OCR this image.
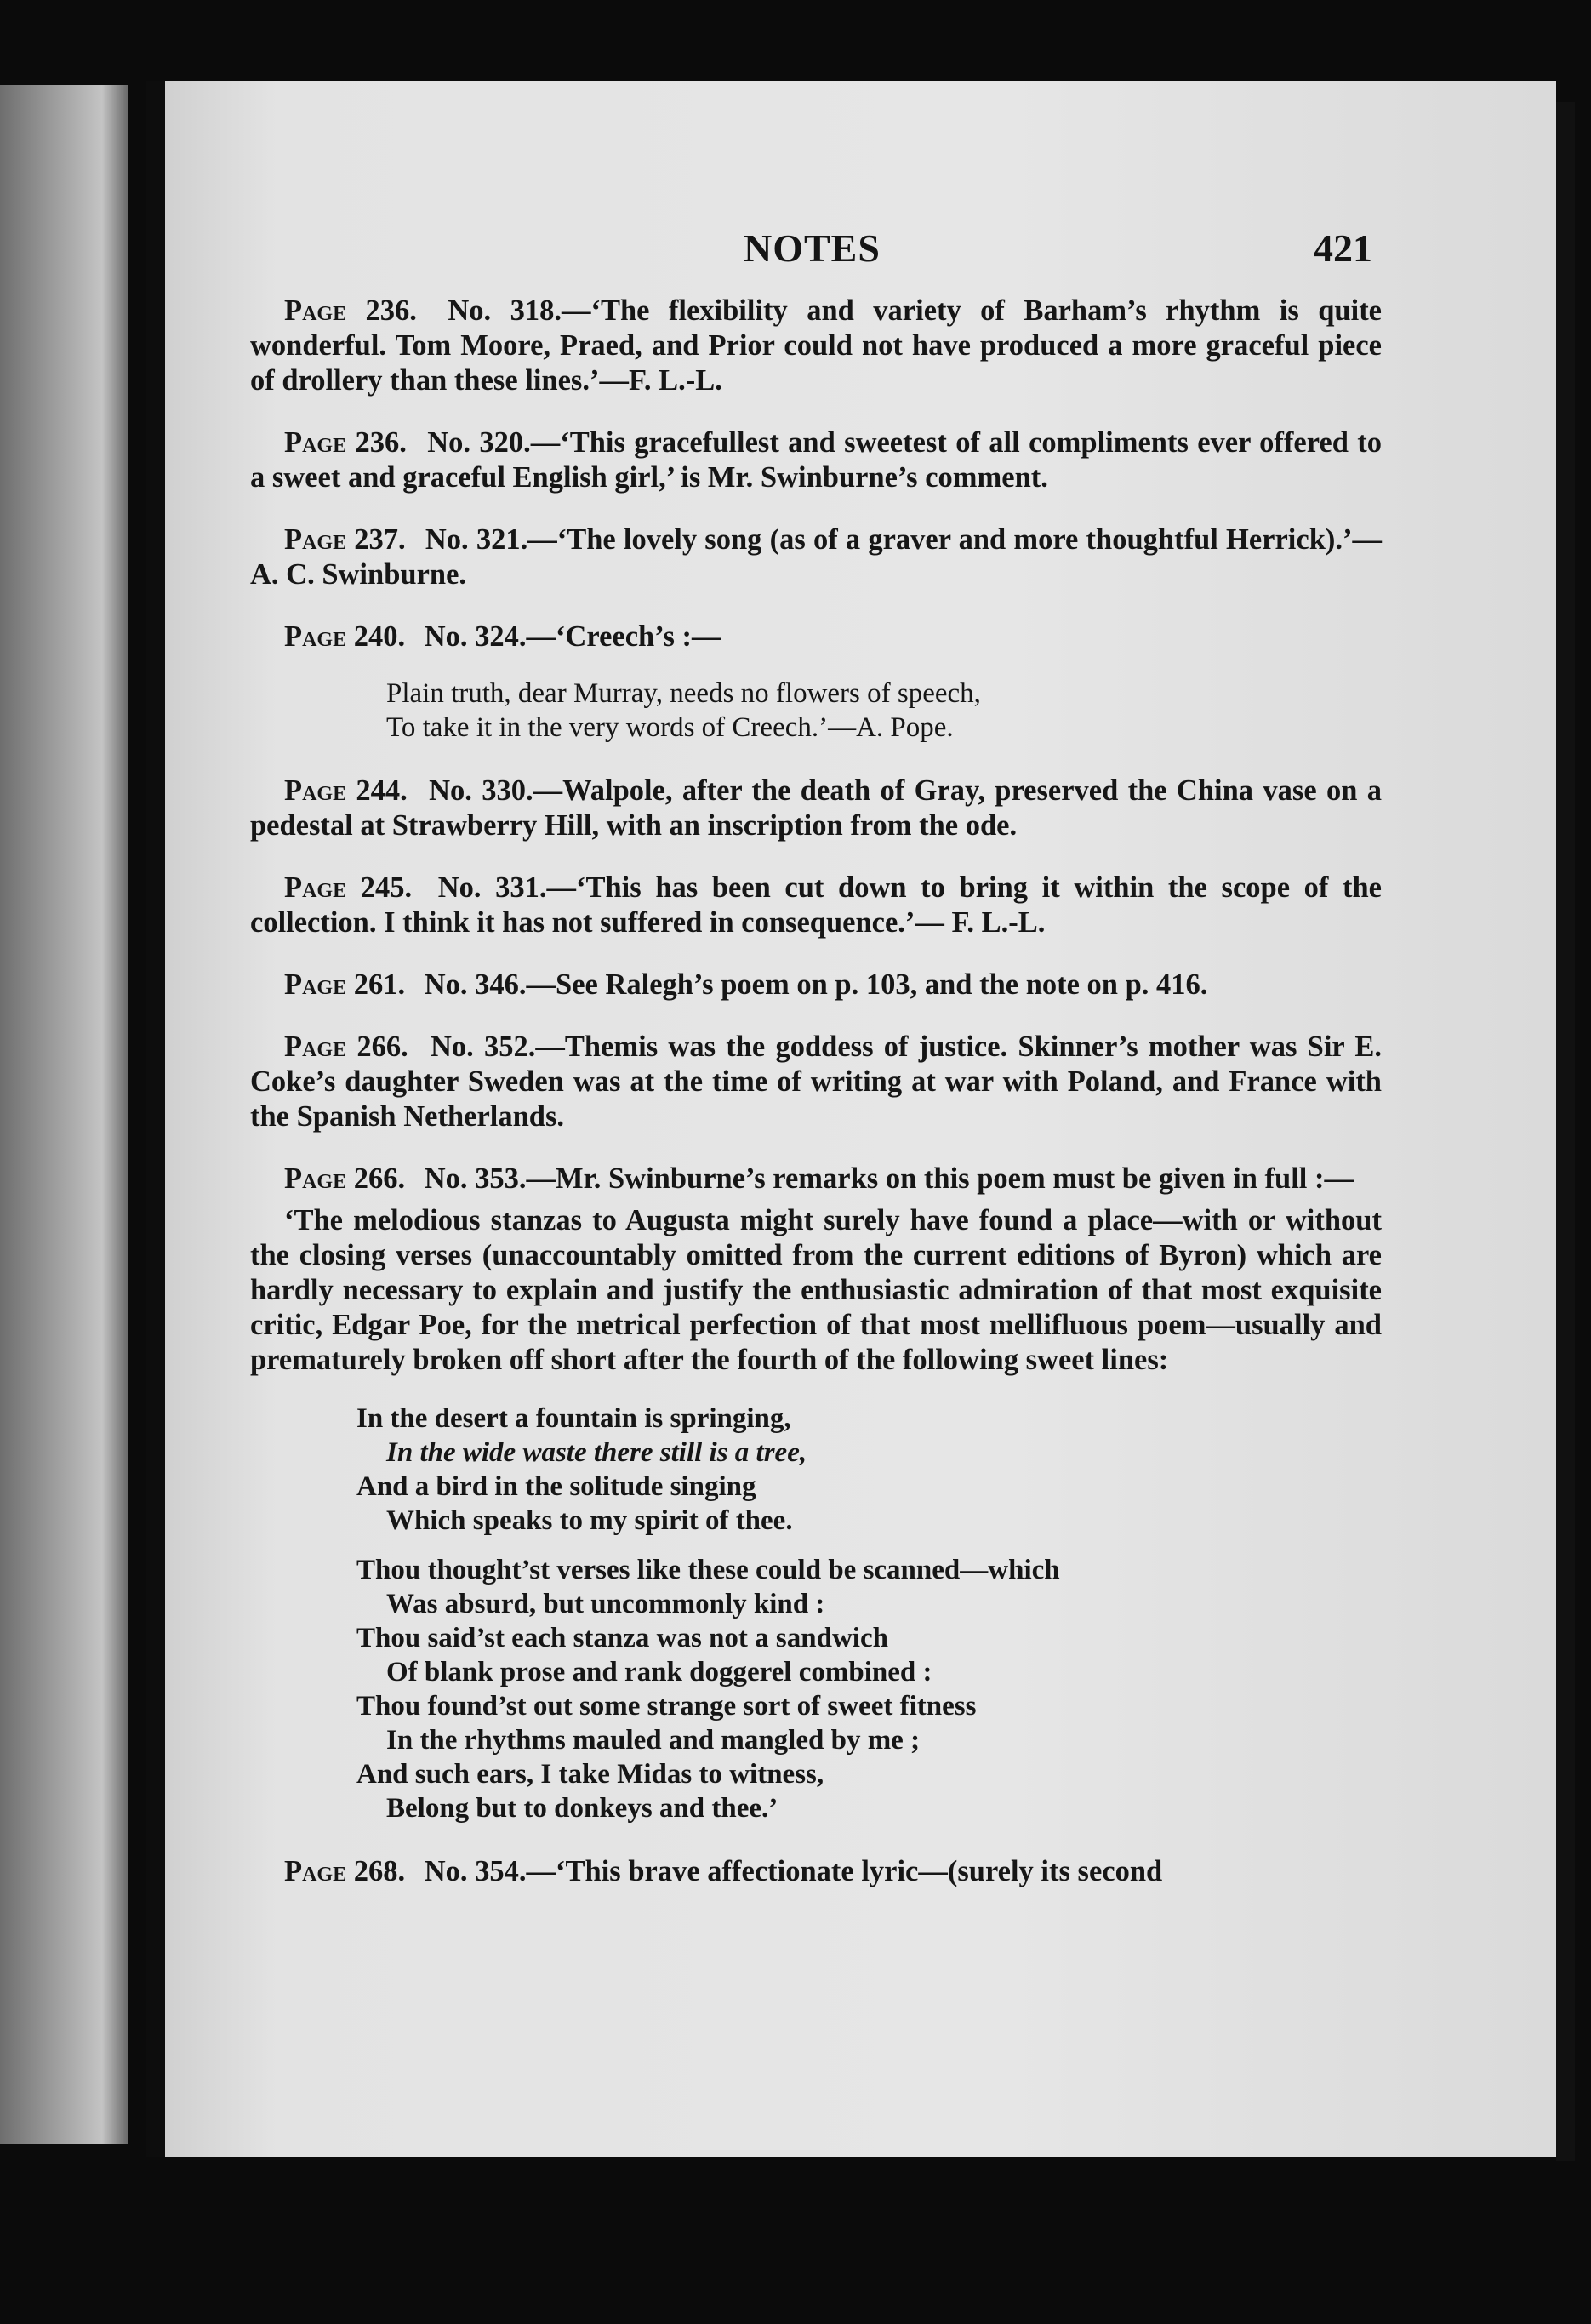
NOTES	421

Page 236. No. 318.—‘The flexibility and variety of Barham’s rhythm is quite wonderful. Tom Moore, Praed, and Prior could not have produced a more graceful piece of drollery than these lines.’—F. L.-L.

Page 236. No. 320.—‘This gracefullest and sweetest of all compliments ever offered to a sweet and graceful English girl,’ is Mr. Swinburne’s comment.

Page 237. No. 321.—‘The lovely song (as of a graver and more thoughtful Herrick).’—A. C. Swinburne.

Page 240. No. 324.—‘Creech’s :—

Plain truth, dear Murray, needs no flowers of speech,
To take it in the very words of Creech.’—A. Pope.

Page 244. No. 330.—Walpole, after the death of Gray, preserved the China vase on a pedestal at Strawberry Hill, with an inscription from the ode.

Page 245. No. 331.—‘This has been cut down to bring it within the scope of the collection. I think it has not suffered in consequence.’— F. L.-L.

Page 261. No. 346.—See Ralegh’s poem on p. 103, and the note on p. 416.

Page 266. No. 352.—Themis was the goddess of justice. Skinner’s mother was Sir E. Coke’s daughter Sweden was at the time of writing at war with Poland, and France with the Spanish Netherlands.

Page 266. No. 353.—Mr. Swinburne’s remarks on this poem must be given in full :—

‘The melodious stanzas to Augusta might surely have found a place—with or without the closing verses (unaccountably omitted from the current editions of Byron) which are hardly necessary to explain and justify the enthusiastic admiration of that most exquisite critic, Edgar Poe, for the metrical perfection of that most mellifluous poem—usually and prematurely broken off short after the fourth of the following sweet lines:

In the desert a fountain is springing,
In the wide waste there still is a tree,
And a bird in the solitude singing
Which speaks to my spirit of thee.
Thou thought’st verses like these could be scanned—which
Was absurd, but uncommonly kind :
Thou said’st each stanza was not a sandwich
Of blank prose and rank doggerel combined :
Thou found’st out some strange sort of sweet fitness
In the rhythms mauled and mangled by me ;
And such ears, I take Midas to witness,
Belong but to donkeys and thee.’

Page 268. No. 354.—‘This brave affectionate lyric—(surely its second
